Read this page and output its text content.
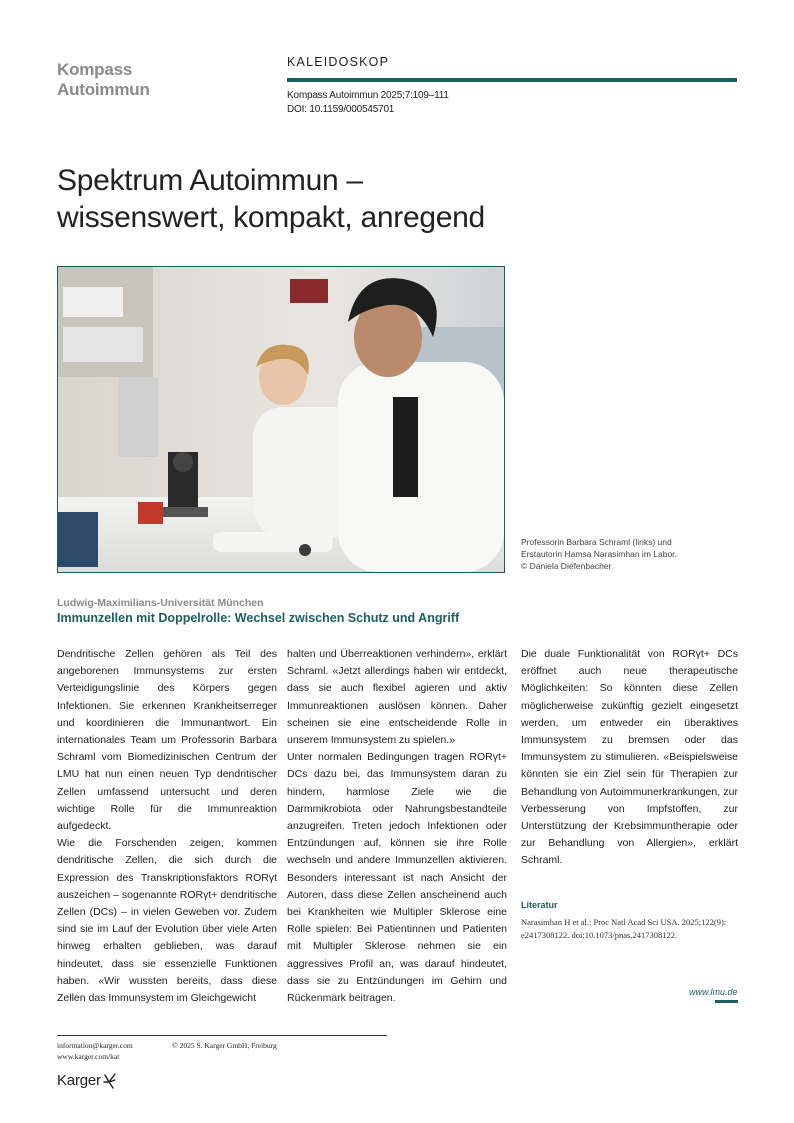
Kompass
Autoimmun
KALEIDOSKOP
Kompass Autoimmun 2025;7:109–111
DOI: 10.1159/000545701
Spektrum Autoimmun –
wissenswert, kompakt, anregend
Professorin Barbara Schraml (links) und
Erstautorin Hamsa Narasimhan im Labor.
© Daniela Diefenbacher
Ludwig-Maximilians-Universität München
Immunzellen mit Doppelrolle: Wechsel zwischen Schutz und Angriff

Dendritische Zellen gehören als Teil des angeborenen Immunsystems zur ersten Verteidigungslinie des Körpers gegen Infektionen. Sie erkennen Krankheitserreger und koordinieren die Immunantwort. Ein internationales Team um Professorin Barbara Schraml vom Biomedizinischen Centrum der LMU hat nun einen neuen Typ dendritischer Zellen umfassend untersucht und deren wichtige Rolle für die Immunreaktion aufgedeckt.

Wie die Forschenden zeigen, kommen dendritische Zellen, die sich durch die Expression des Transkriptionsfaktors RORγt auszeichen – sogenannte RORγt+ dendritische Zellen (DCs) – in vielen Geweben vor. Zudem sind sie im Lauf der Evolution über viele Arten hinweg erhalten geblieben, was darauf hindeutet, dass sie essenzielle Funktionen haben. «Wir wussten bereits, dass diese Zellen das Immunsystem im Gleichgewicht

halten und Überreaktionen verhindern», erklärt Schraml. «Jetzt allerdings haben wir entdeckt, dass sie auch flexibel agieren und aktiv Immunreaktionen auslösen können. Daher scheinen sie eine entscheidende Rolle in unserem Immunsystem zu spielen.»

Unter normalen Bedingungen tragen RORγt+ DCs dazu bei, das Immunsystem daran zu hindern, harmlose Ziele wie die Darmmikrobiota oder Nahrungsbestandteile anzugreifen. Treten jedoch Infektionen oder Entzündungen auf, können sie ihre Rolle wechseln und andere Immunzellen aktivieren. Besonders interessant ist nach Ansicht der Autoren, dass diese Zellen anscheinend auch bei Krankheiten wie Multipler Sklerose eine Rolle spielen: Bei Patientinnen und Patienten mit Multipler Sklerose nehmen sie ein aggressives Profil an, was darauf hindeutet, dass sie zu Entzündungen im Gehirn und Rückenmark beitragen.

Die duale Funktionalität von RORγt+ DCs eröffnet auch neue therapeutische Möglichkeiten: So könnten diese Zellen möglicherweise zukünftig gezielt eingesetzt werden, um entweder ein überaktives Immunsystem zu bremsen oder das Immunsystem zu stimulieren. «Beispielsweise könnten sie ein Ziel sein für Therapien zur Behandlung von Autoimmunerkrankungen, zur Verbesserung von Impfstoffen, zur Unterstützung der Krebsimmuntherapie oder zur Behandlung von Allergien», erklärt Schraml.

Literatur
Narasimhan H et al.: Proc Natl Acad Sci USA. 2025;122(9): e2417308122. doi:10.1073/pnas.2417308122.
www.lmu.de
information@karger.com
www.karger.com/kat
© 2025 S. Karger GmbH, Freiburg
Karger
